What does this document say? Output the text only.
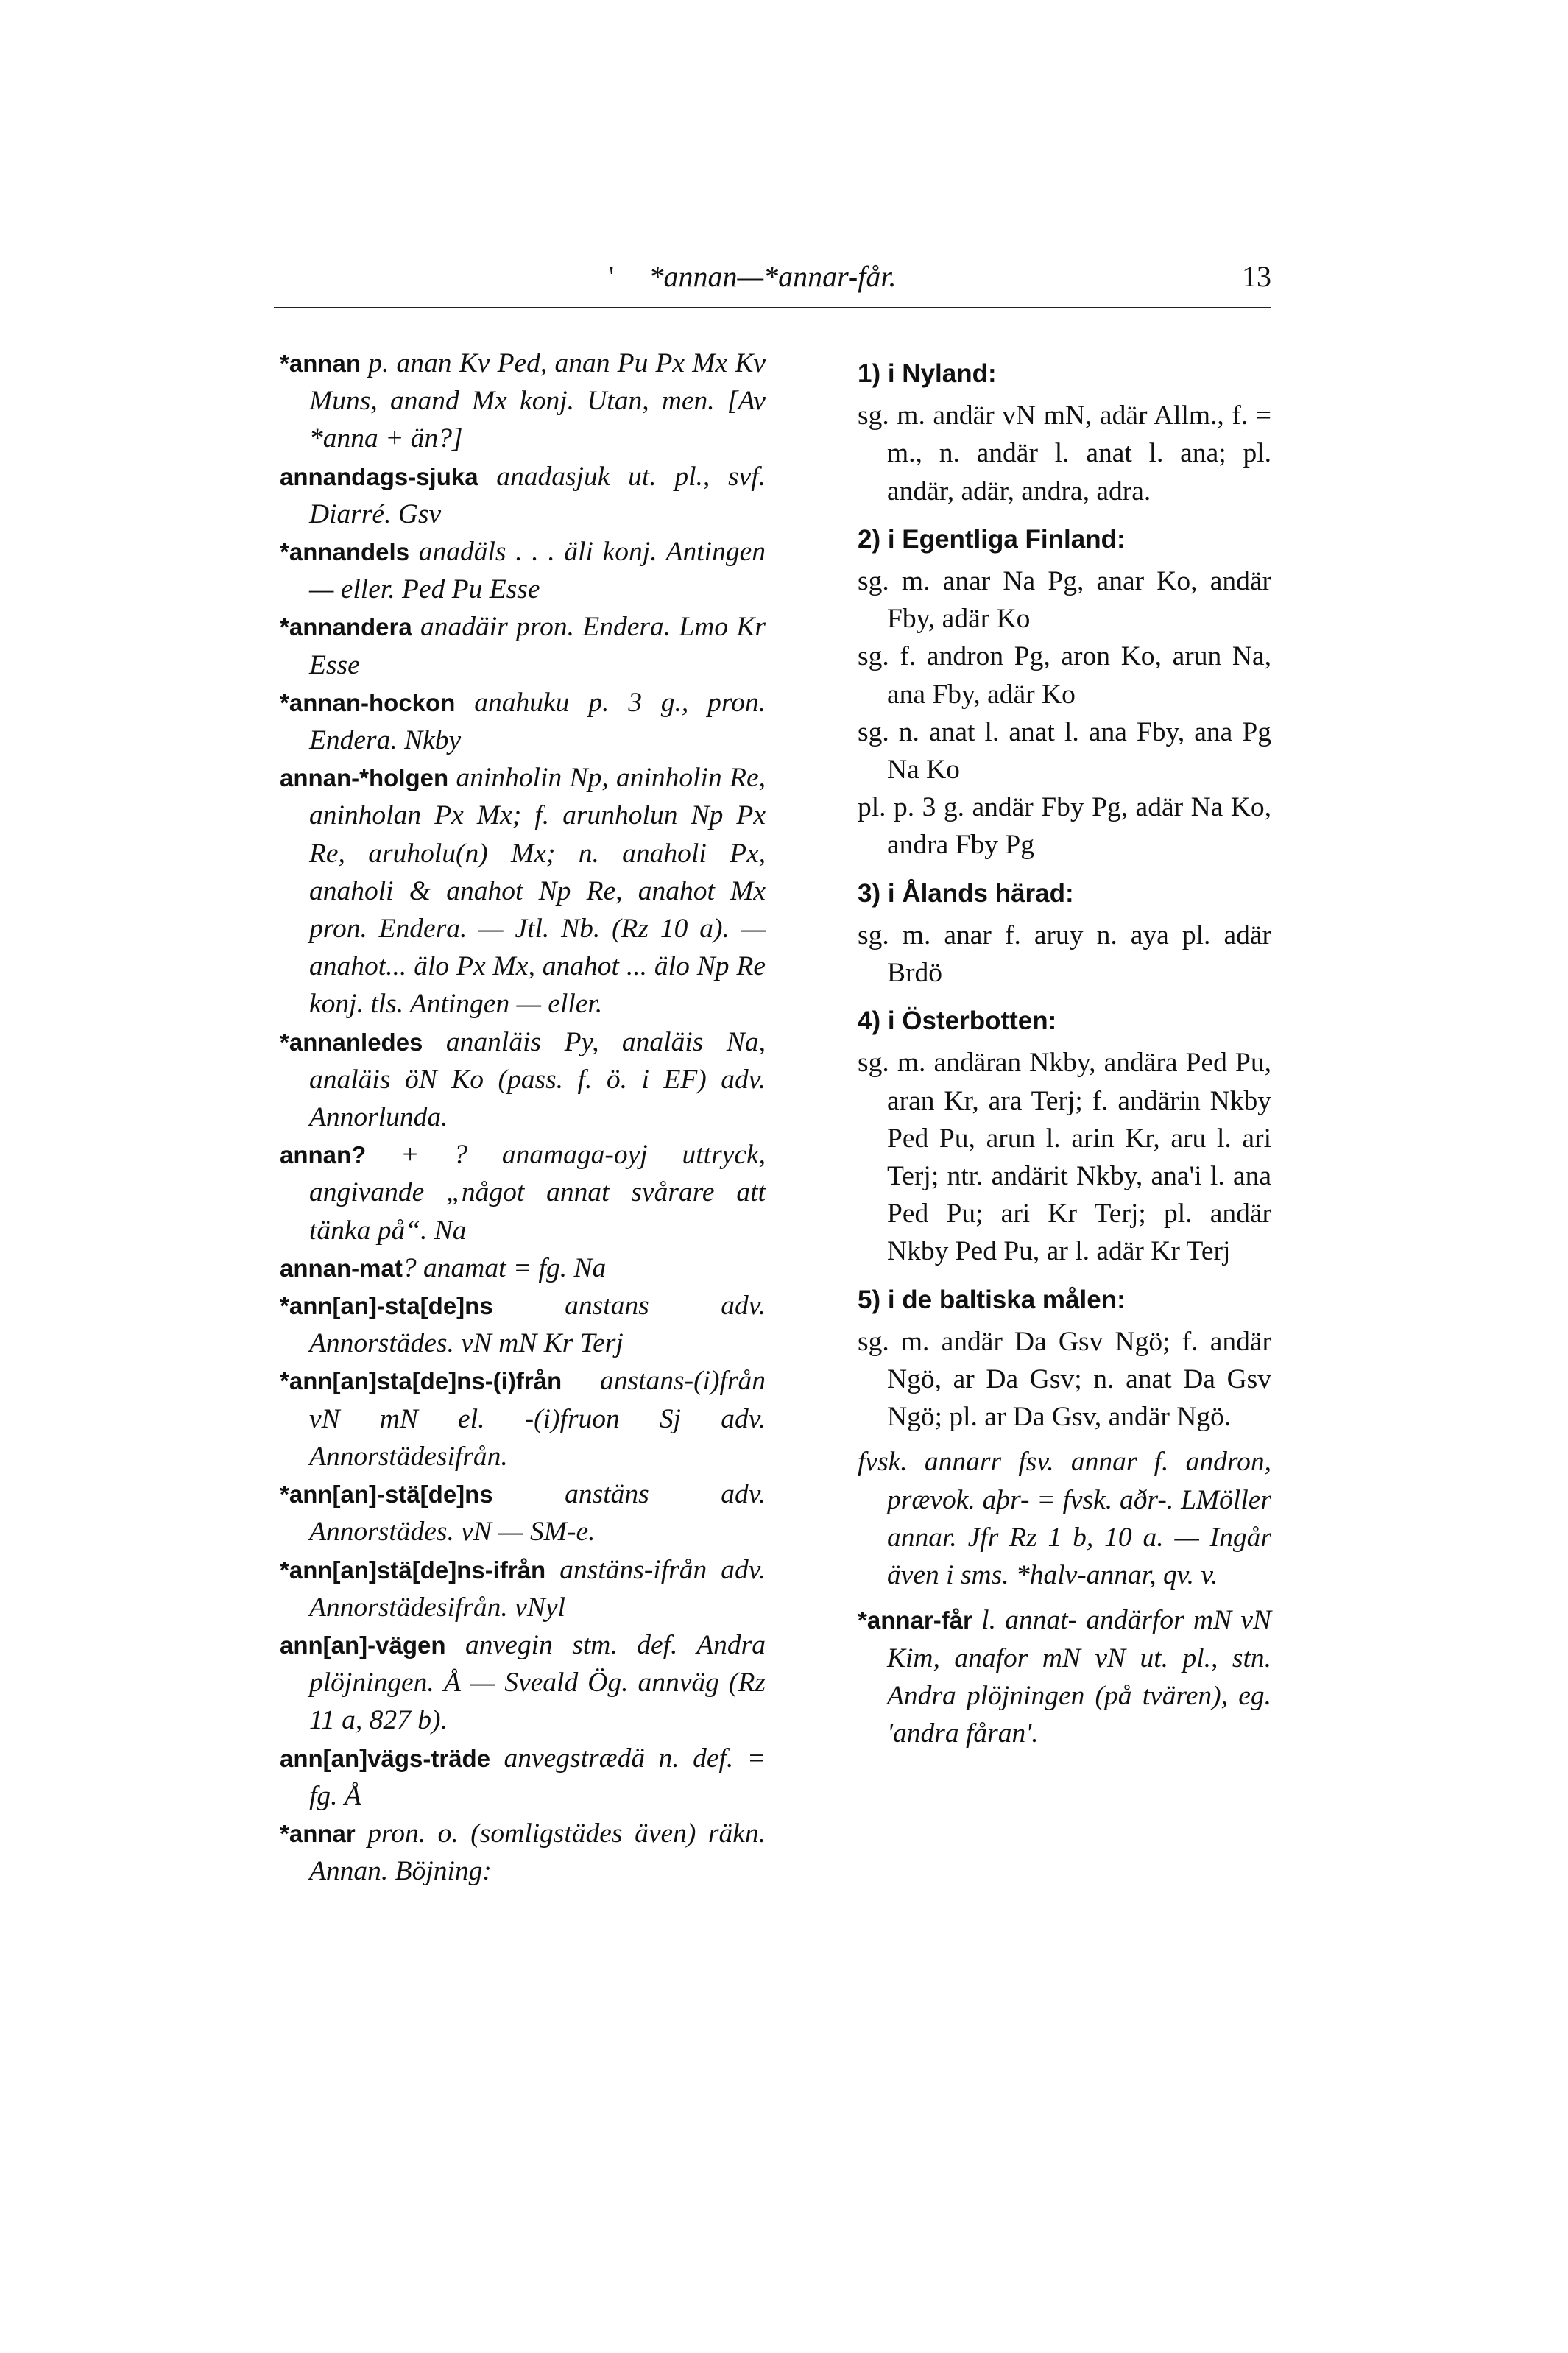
'	*annan—*annar-får.	13

*annan p. anan Kv Ped, anan Pu Px Mx Kv Muns, anand Mx konj. Utan, men. [Av *anna + än?]

annandags-sjuka anadasjuk ut. pl., svf. Diarré. Gsv

*annandels anadäls . . . äli konj. Antingen — eller. Ped Pu Esse

*annandera anadäir pron. Endera. Lmo Kr Esse

*annan-hockon anahuku p. 3 g., pron. Endera. Nkby

annan-*holgen aninholin Np, aninholin Re, aninholan Px Mx; f. arunholun Np Px Re, aruholu(n) Mx; n. anaholi Px, anaholi & anahot Np Re, anahot Mx pron. Endera. — Jtl. Nb. (Rz 10 a). — anahot... älo Px Mx, anahot ... älo Np Re konj. tls. Antingen — eller.

*annanledes ananläis Py, analäis Na, analäis öN Ko (pass. f. ö. i EF) adv. Annorlunda.

annan? + ? anamaga-oyj uttryck, angivande „något annat svårare att tänka på“. Na

annan-mat? anamat = fg. Na

*ann[an]-sta[de]ns anstans adv. Annorstädes. vN mN Kr Terj

*ann[an]sta[de]ns-(i)från anstans-(i)från vN mN el. -(i)fruon Sj adv. Annorstädesifrån.

*ann[an]-stä[de]ns anstäns adv. Annorstädes. vN — SM-e.

*ann[an]stä[de]ns-ifrån anstäns-ifrån adv. Annorstädesifrån. vNyl

ann[an]-vägen anvegin stm. def. Andra plöjningen. Å — Sveald Ög. annväg (Rz 11 a, 827 b).

ann[an]vägs-träde anvegstrædä n. def. = fg. Å

*annar pron. o. (somligstädes även) räkn. Annan. Böjning:

1) i Nyland:

sg. m. andär vN mN, adär Allm., f. = m., n. andär l. anat l. ana; pl. andär, adär, andra, adra.

2) i Egentliga Finland:

sg. m. anar Na Pg, anar Ko, andär Fby, adär Ko

sg. f. andron Pg, aron Ko, arun Na, ana Fby, adär Ko

sg. n. anat l. anat l. ana Fby, ana Pg Na Ko

pl. p. 3 g. andär Fby Pg, adär Na Ko, andra Fby Pg

3) i Ålands härad:

sg. m. anar f. aruy n. aya pl. adär Brdö

4) i Österbotten:

sg. m. andäran Nkby, andära Ped Pu, aran Kr, ara Terj; f. andärin Nkby Ped Pu, arun l. arin Kr, aru l. ari Terj; ntr. andärit Nkby, ana'i l. ana Ped Pu; ari Kr Terj; pl. andär Nkby Ped Pu, ar l. adär Kr Terj

5) i de baltiska målen:

sg. m. andär Da Gsv Ngö; f. andär Ngö, ar Da Gsv; n. anat Da Gsv Ngö; pl. ar Da Gsv, andär Ngö.

fvsk. annarr fsv. annar f. andron, prævok. aþr- = fvsk. aðr-. LMöller annar. Jfr Rz 1 b, 10 a. — Ingår även i sms. *halv-annar, qv. v.

*annar-får l. annat- andärfor mN vN Kim, anafor mN vN ut. pl., stn. Andra plöjningen (på tvären), eg. 'andra fåran'.
